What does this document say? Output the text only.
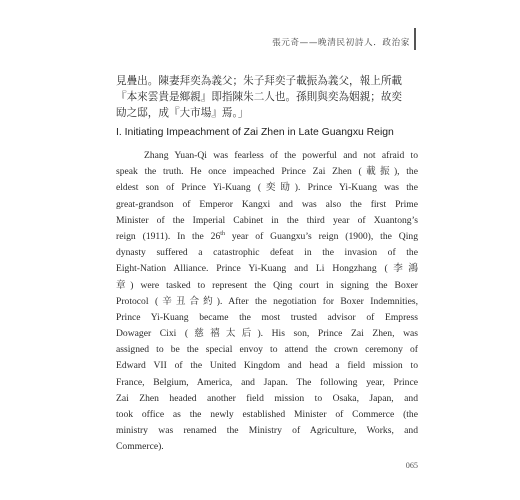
張元奇——晚清民初詩人．政治家
見疊出。陳妻拜奕為義父；朱子拜奕子載振為義父，報上所載
『本來雲貴是鄉親』即指陳朱二人也。孫則與奕為姻親；故奕
劻之邸，成『大市場』焉。」
I. Initiating Impeachment of Zai Zhen in Late Guangxu Reign
Zhang Yuan-Qi was fearless of the powerful and not afraid to
speak the truth. He once impeached Prince Zai Zhen (載振), the
eldest son of Prince Yi-Kuang (奕劻). Prince Yi-Kuang was the
great-grandson of Emperor Kangxi and was also the first Prime
Minister of the Imperial Cabinet in the third year of Xuantong’s
reign (1911). In the 26th year of Guangxu’s reign (1900), the Qing
dynasty suffered a catastrophic defeat in the invasion of the
Eight-Nation Alliance. Prince Yi-Kuang and Li Hongzhang (李鴻
章) were tasked to represent the Qing court in signing the Boxer
Protocol (辛丑合約). After the negotiation for Boxer Indemnities,
Prince Yi-Kuang became the most trusted advisor of Empress
Dowager Cixi (慈禧太后). His son, Prince Zai Zhen, was
assigned to be the special envoy to attend the crown ceremony of
Edward VII of the United Kingdom and head a field mission to
France, Belgium, America, and Japan. The following year, Prince
Zai Zhen headed another field mission to Osaka, Japan, and
took office as the newly established Minister of Commerce (the
ministry was renamed the Ministry of Agriculture, Works, and
Commerce).
065
